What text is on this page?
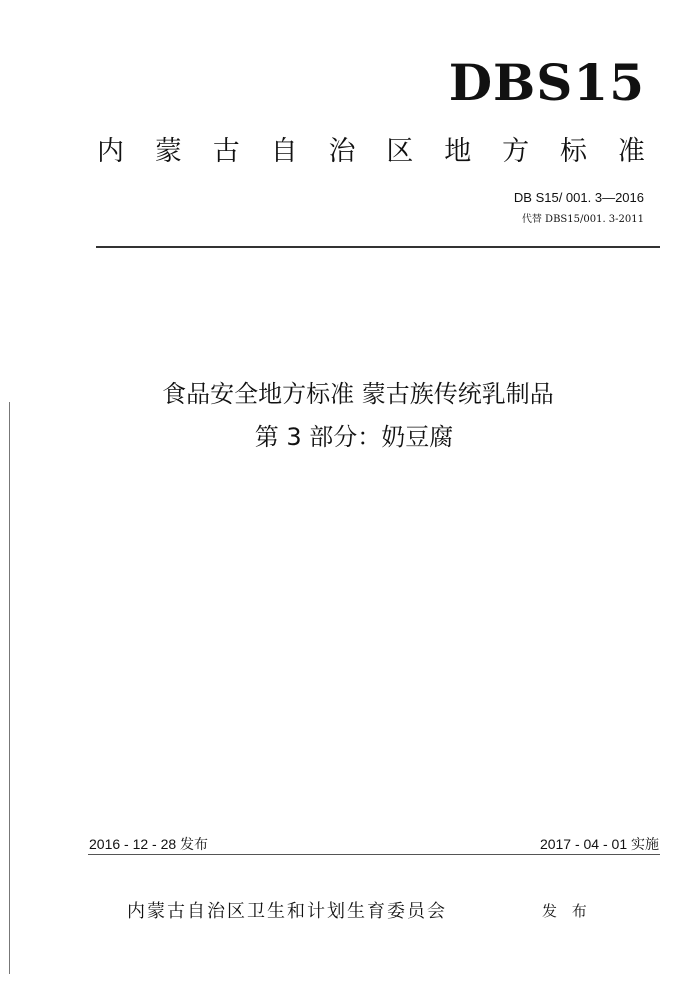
DBS15
内 蒙 古 自 治 区 地 方 标 准
DB S15/ 001. 3—2016
代替 DBS15/001. 3-2011
食品安全地方标准 蒙古族传统乳制品
第 3 部分：奶豆腐
2016 - 12 - 28 发布	2017 - 04 - 01 实施
内蒙古自治区卫生和计划生育委员会	发 布
